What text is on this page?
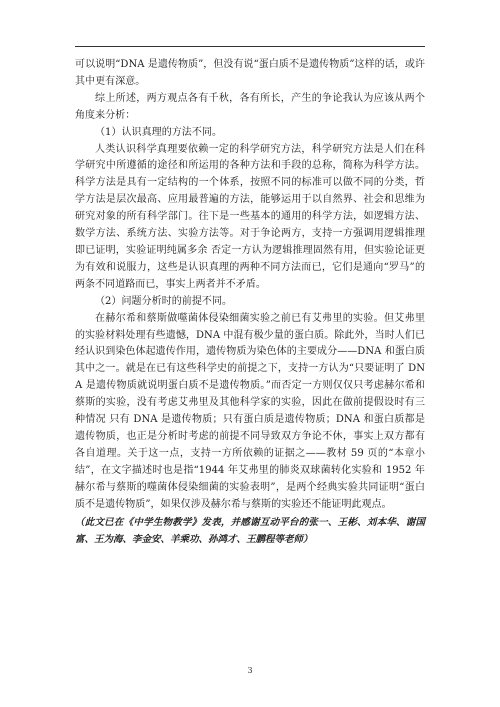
可以说明“DNA 是遗传物质”，但没有说“蛋白质不是遗传物质”这样的话，或许其中更有深意。

综上所述，两方观点各有千秋，各有所长，产生的争论我认为应该从两个角度来分析：

（1）认识真理的方法不同。

人类认识科学真理要依赖一定的科学研究方法，科学研究方法是人们在科学研究中所遵循的途径和所运用的各种方法和手段的总称，简称为科学方法。科学方法是具有一定结构的一个体系，按照不同的标准可以做不同的分类，哲学方法是层次最高、应用最普遍的方法，能够运用于以自然界、社会和思维为研究对象的所有科学部门。往下是一些基本的通用的科学方法，如逻辑方法、数学方法、系统方法、实验方法等。对于争论两方，支持一方强调用逻辑推理即已证明，实验证明纯属多余 否定一方认为逻辑推理固然有用，但实验论证更为有效和说服力，这些是认识真理的两种不同方法而已，它们是通向“罗马”的两条不同道路而已，事实上两者并不矛盾。

（2）问题分析时的前提不同。

在赫尔希和蔡斯做噬菌体侵染细菌实验之前已有艾弗里的实验。但艾弗里的实验材料处理有些遗憾，DNA 中混有极少量的蛋白质。除此外，当时人们已经认识到染色体起遗传作用，遗传物质为染色体的主要成分——DNA 和蛋白质其中之一。就是在已有这些科学史的前提之下，支持一方认为“只要证明了 DNA 是遗传物质就说明蛋白质不是遗传物质。”而否定一方则仅仅只考虑赫尔希和蔡斯的实验，没有考虑艾弗里及其他科学家的实验，因此在做前提假设时有三种情况 只有 DNA 是遗传物质；只有蛋白质是遗传物质；DNA 和蛋白质都是遗传物质，也正是分析时考虑的前提不同导致双方争论不休，事实上双方都有各自道理。关于这一点，支持一方所依赖的证据之——教材 59 页的“本章小结”，在文字描述时也是指“1944 年艾弗里的肺炎双球菌转化实验和 1952 年赫尔希与蔡斯的噬菌体侵染细菌的实验表明”，是两个经典实验共同证明“蛋白质不是遗传物质”，如果仅涉及赫尔希与蔡斯的实验还不能证明此观点。

（此文已在《中学生物教学》发表，并感谢互动平台的张一、王彬、刘本华、谢国富、王为海、李金安、羊乘功、孙鸿才、王鹏程等老师）

3
